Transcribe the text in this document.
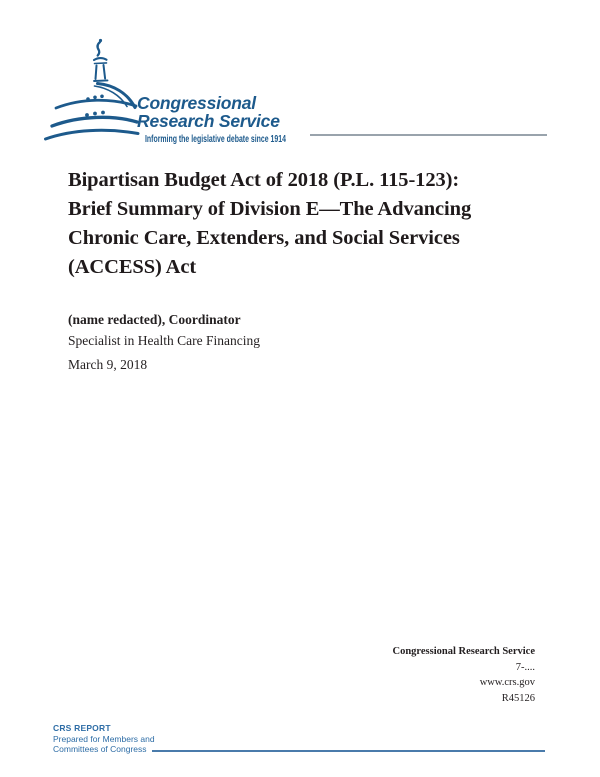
Congressional
Research Service
Informing the legislative debate since 1914
Bipartisan Budget Act of 2018 (P.L. 115-123):
Brief Summary of Division E—The Advancing
Chronic Care, Extenders, and Social Services
(ACCESS) Act
(name redacted), Coordinator
Specialist in Health Care Financing
March 9, 2018
Congressional Research Service
7-....
www.crs.gov
R45126
CRS REPORT
Prepared for Members and
Committees of Congress
